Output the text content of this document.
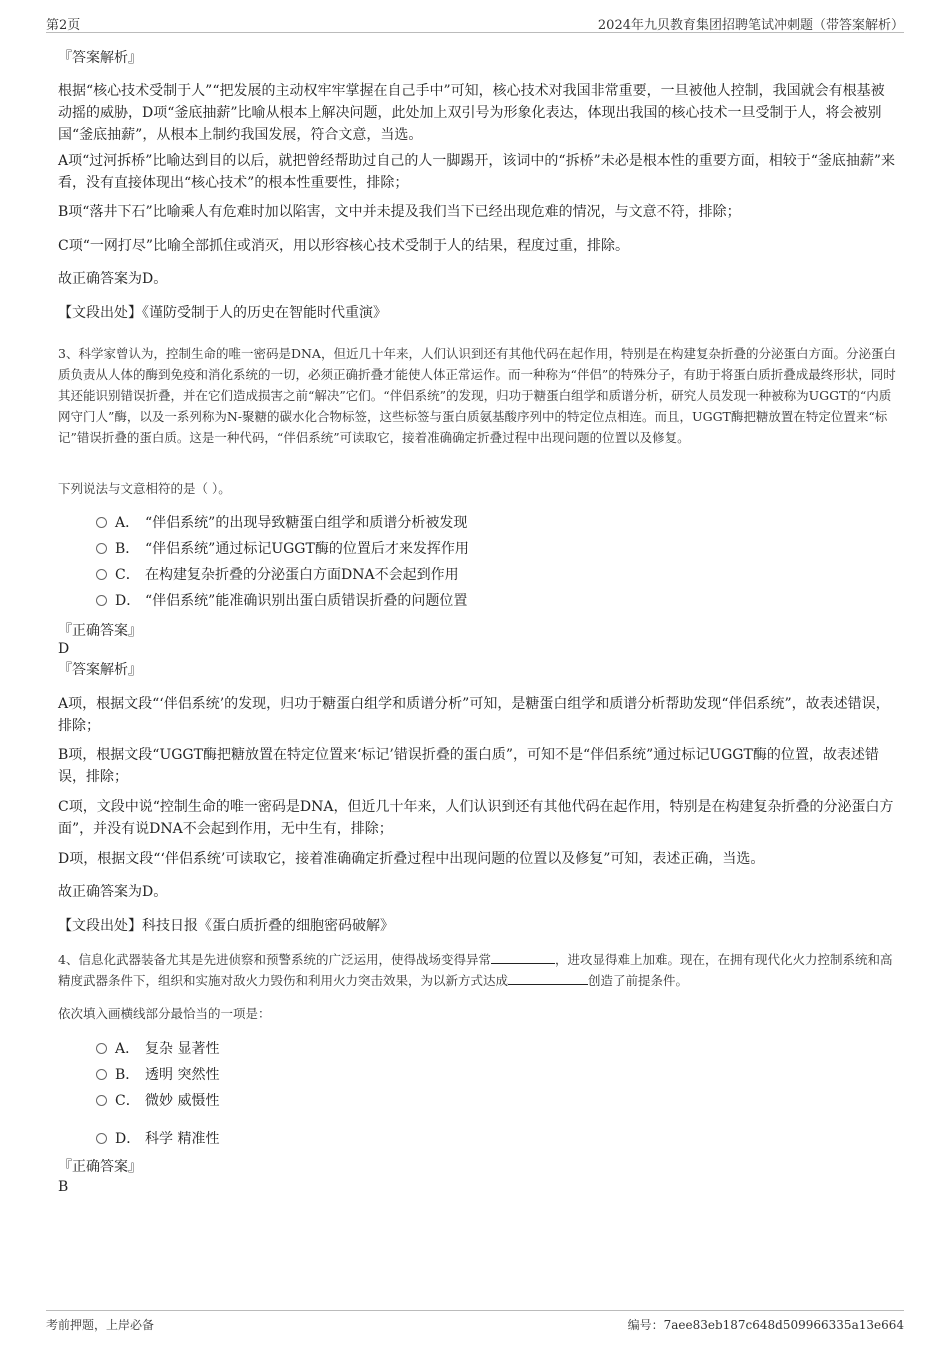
第2页	2024年九贝教育集团招聘笔试冲刺题（带答案解析）
『答案解析』
根据“核心技术受制于人”“把发展的主动权牢牢掌握在自己手中”可知，核心技术对我国非常重要，一旦被他人控制，我国就会有根基被动摇的威胁，D项“釜底抽薪”比喻从根本上解决问题，此处加上双引号为形象化表达，体现出我国的核心技术一旦受制于人，将会被别国“釜底抽薪”，从根本上制约我国发展，符合文意，当选。
A项“过河拆桥”比喻达到目的以后，就把曾经帮助过自己的人一脚踢开，该词中的“拆桥”未必是根本性的重要方面，相较于“釜底抽薪”来看，没有直接体现出“核心技术”的根本性重要性，排除；
B项“落井下石”比喻乘人有危难时加以陷害，文中并未提及我们当下已经出现危难的情况，与文意不符，排除；
C项“一网打尽”比喻全部抓住或消灭，用以形容核心技术受制于人的结果，程度过重，排除。
故正确答案为D。
【文段出处】《谨防受制于人的历史在智能时代重演》
3、科学家曾认为，控制生命的唯一密码是DNA，但近几十年来，人们认识到还有其他代码在起作用，特别是在构建复杂折叠的分泌蛋白方面。分泌蛋白质负责从人体的酶到免疫和消化系统的一切，必须正确折叠才能使人体正常运作。而一种称为“伴侣”的特殊分子，有助于将蛋白质折叠成最终形状，同时其还能识别错误折叠，并在它们造成损害之前“解决”它们。“伴侣系统”的发现，归功于糖蛋白组学和质谱分析，研究人员发现一种被称为UGGT的“内质网守门人”酶，以及一系列称为N-聚糖的碳水化合物标签，这些标签与蛋白质氨基酸序列中的特定位点相连。而且，UGGT酶把糖放置在特定位置来“标记”错误折叠的蛋白质。这是一种代码，“伴侣系统”可读取它，接着准确确定折叠过程中出现问题的位置以及修复。
下列说法与文意相符的是（ ）。
A． “伴侣系统”的出现导致糖蛋白组学和质谱分析被发现
B． “伴侣系统”通过标记UGGT酶的位置后才来发挥作用
C． 在构建复杂折叠的分泌蛋白方面DNA不会起到作用
D． “伴侣系统”能准确识别出蛋白质错误折叠的问题位置
『正确答案』
D
『答案解析』
A项，根据文段“‘伴侣系统’的发现，归功于糖蛋白组学和质谱分析”可知，是糖蛋白组学和质谱分析帮助发现“伴侣系统”，故表述错误，排除；
B项，根据文段“UGGT酶把糖放置在特定位置来‘标记’错误折叠的蛋白质”，可知不是“伴侣系统”通过标记UGGT酶的位置，故表述错误，排除；
C项，文段中说“控制生命的唯一密码是DNA，但近几十年来，人们认识到还有其他代码在起作用，特别是在构建复杂折叠的分泌蛋白方面”，并没有说DNA不会起到作用，无中生有，排除；
D项，根据文段“‘伴侣系统’可读取它，接着准确确定折叠过程中出现问题的位置以及修复”可知，表述正确，当选。
故正确答案为D。
【文段出处】科技日报《蛋白质折叠的细胞密码破解》
4、信息化武器装备尤其是先进侦察和预警系统的广泛运用，使得战场变得异常	，进攻显得难上加难。现在，在拥有现代化火力控制系统和高精度武器条件下，组织和实施对敌火力毁伤和利用火力突击效果，为以新方式达成	创造了前提条件。
依次填入画横线部分最恰当的一项是：
A． 复杂 显著性
B． 透明 突然性
C． 微妙 威慑性
D． 科学 精准性
『正确答案』
B
考前押题，上岸必备	编号：7aee83eb187c648d509966335a13e664
